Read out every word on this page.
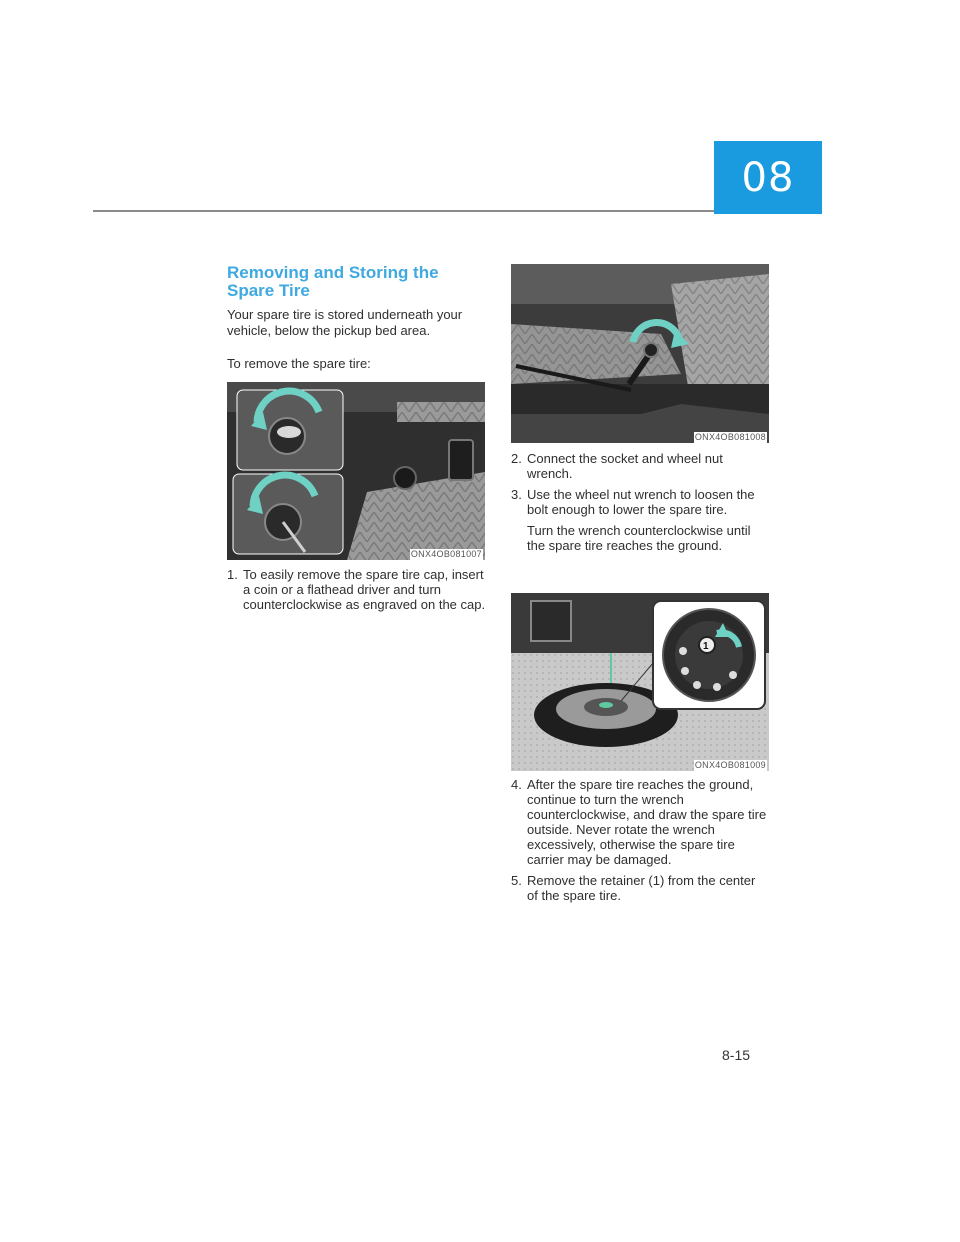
08
Removing and Storing the Spare Tire
Your spare tire is stored underneath your vehicle, below the pickup bed area.
To remove the spare tire:
ONX4OB081007
1. To easily remove the spare tire cap, insert a coin or a flathead driver and turn counterclockwise as engraved on the cap.
ONX4OB081008
2. Connect the socket and wheel nut wrench.
3. Use the wheel nut wrench to loosen the bolt enough to lower the spare tire.
Turn the wrench counterclockwise until the spare tire reaches the ground.
1
ONX4OB081009
4. After the spare tire reaches the ground, continue to turn the wrench counterclockwise, and draw the spare tire outside. Never rotate the wrench excessively, otherwise the spare tire carrier may be damaged.
5. Remove the retainer (1) from the center of the spare tire.
8-15
